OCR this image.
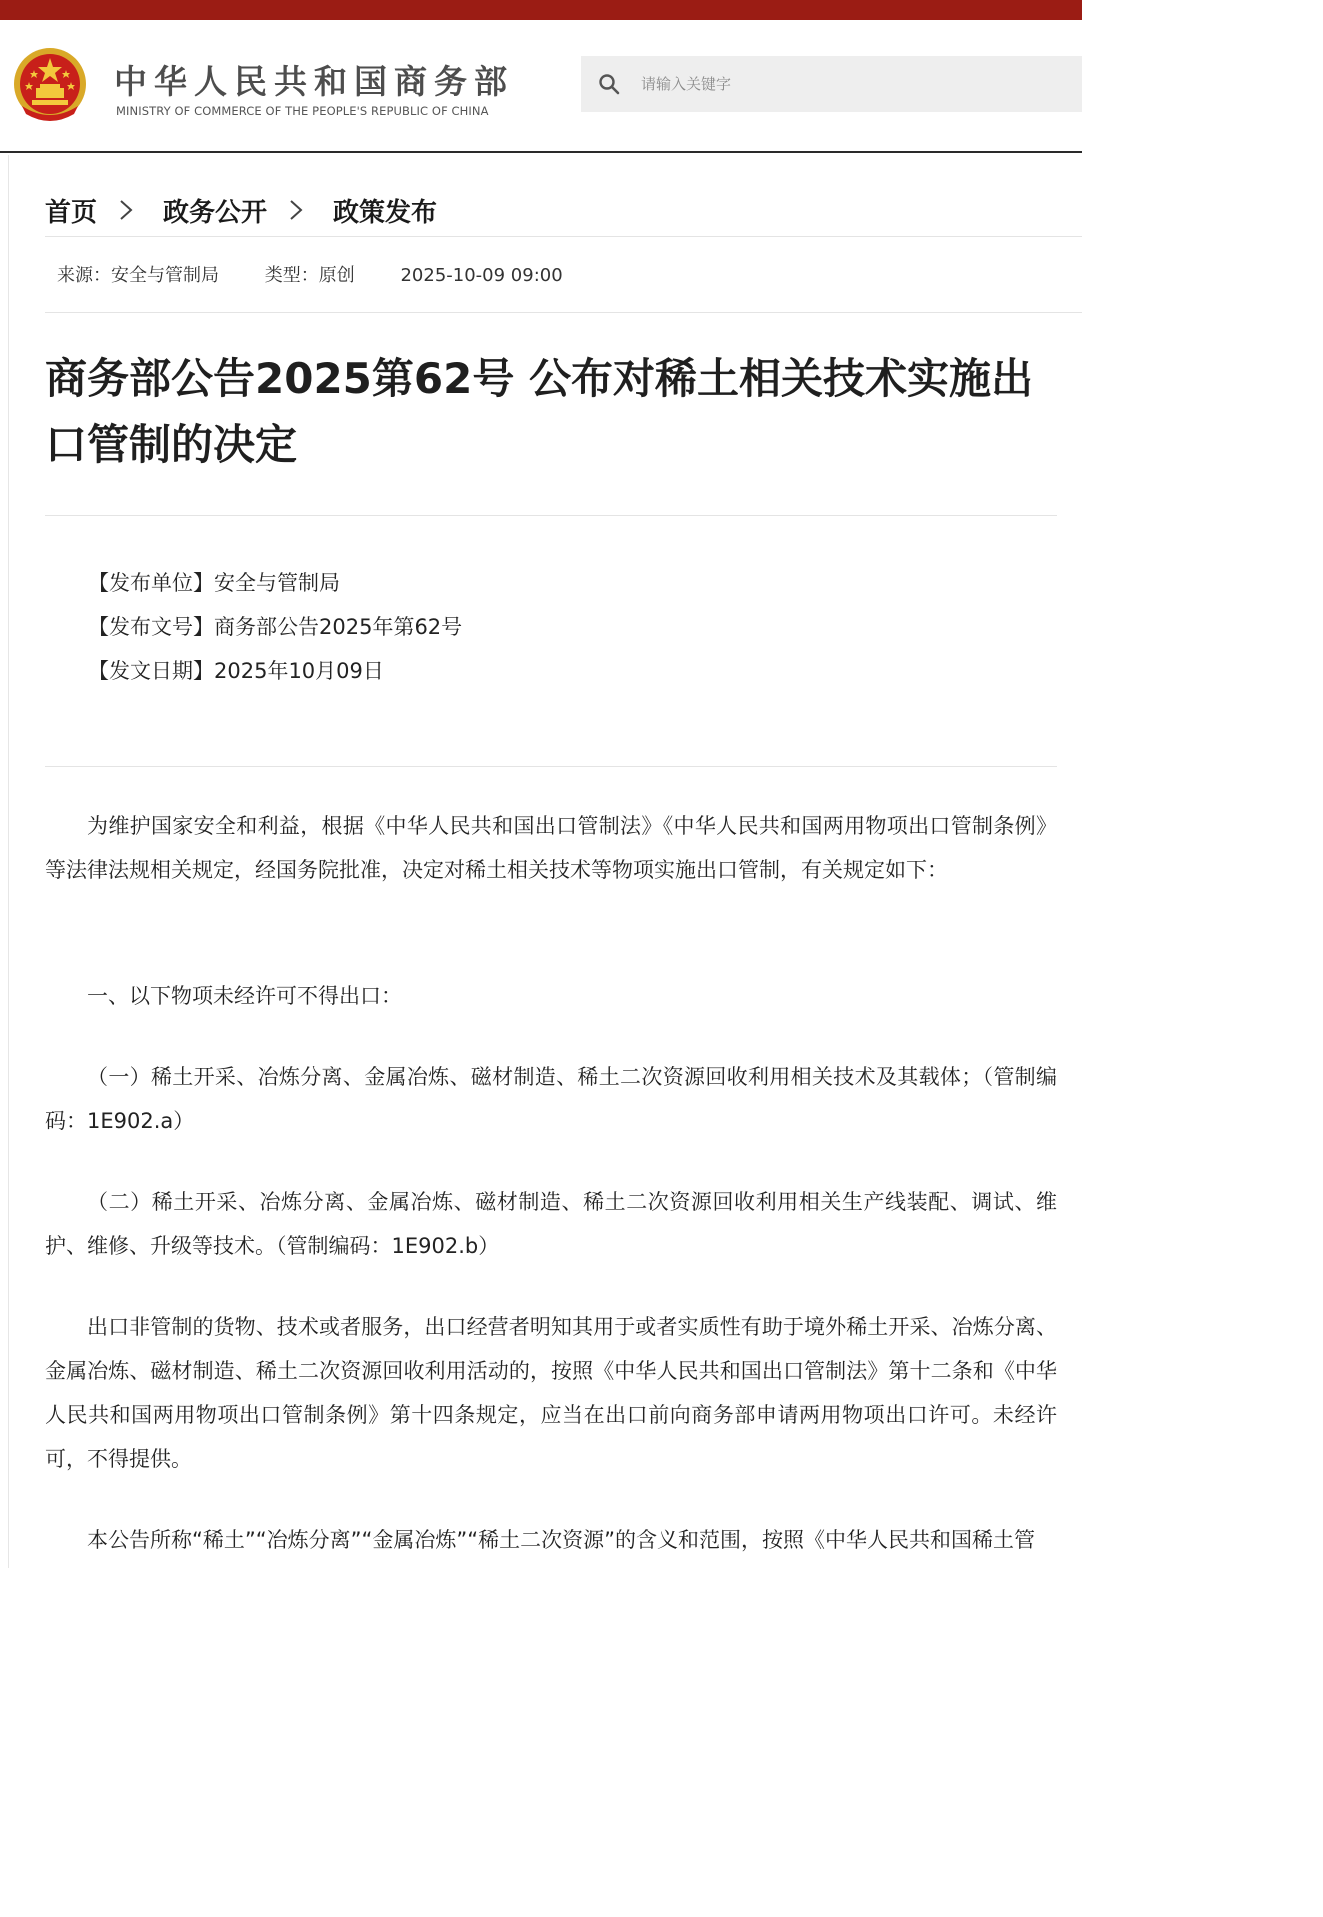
中华人民共和国商务部
MINISTRY OF COMMERCE OF THE PEOPLE'S REPUBLIC OF CHINA
请输入关键字
首页	政务公开	政策发布
来源：安全与管制局	类型：原创	2025-10-09 09:00
商务部公告2025第62号 公布对稀土相关技术实施出口管制的决定
【发布单位】安全与管制局
【发布文号】商务部公告2025年第62号
【发文日期】2025年10月09日

为维护国家安全和利益，根据《中华人民共和国出口管制法》《中华人民共和国两用物项出口管制条例》等法律法规相关规定，经国务院批准，决定对稀土相关技术等物项实施出口管制，有关规定如下：

一、以下物项未经许可不得出口：

（一）稀土开采、冶炼分离、金属冶炼、磁材制造、稀土二次资源回收利用相关技术及其载体；（管制编码：1E902.a）

（二）稀土开采、冶炼分离、金属冶炼、磁材制造、稀土二次资源回收利用相关生产线装配、调试、维护、维修、升级等技术。（管制编码：1E902.b）

出口非管制的货物、技术或者服务，出口经营者明知其用于或者实质性有助于境外稀土开采、冶炼分离、金属冶炼、磁材制造、稀土二次资源回收利用活动的，按照《中华人民共和国出口管制法》第十二条和《中华人民共和国两用物项出口管制条例》第十四条规定，应当在出口前向商务部申请两用物项出口许可。未经许可，不得提供。

本公告所称“稀土”“冶炼分离”“金属冶炼”“稀土二次资源”的含义和范围，按照《中华人民共和国稀土管
